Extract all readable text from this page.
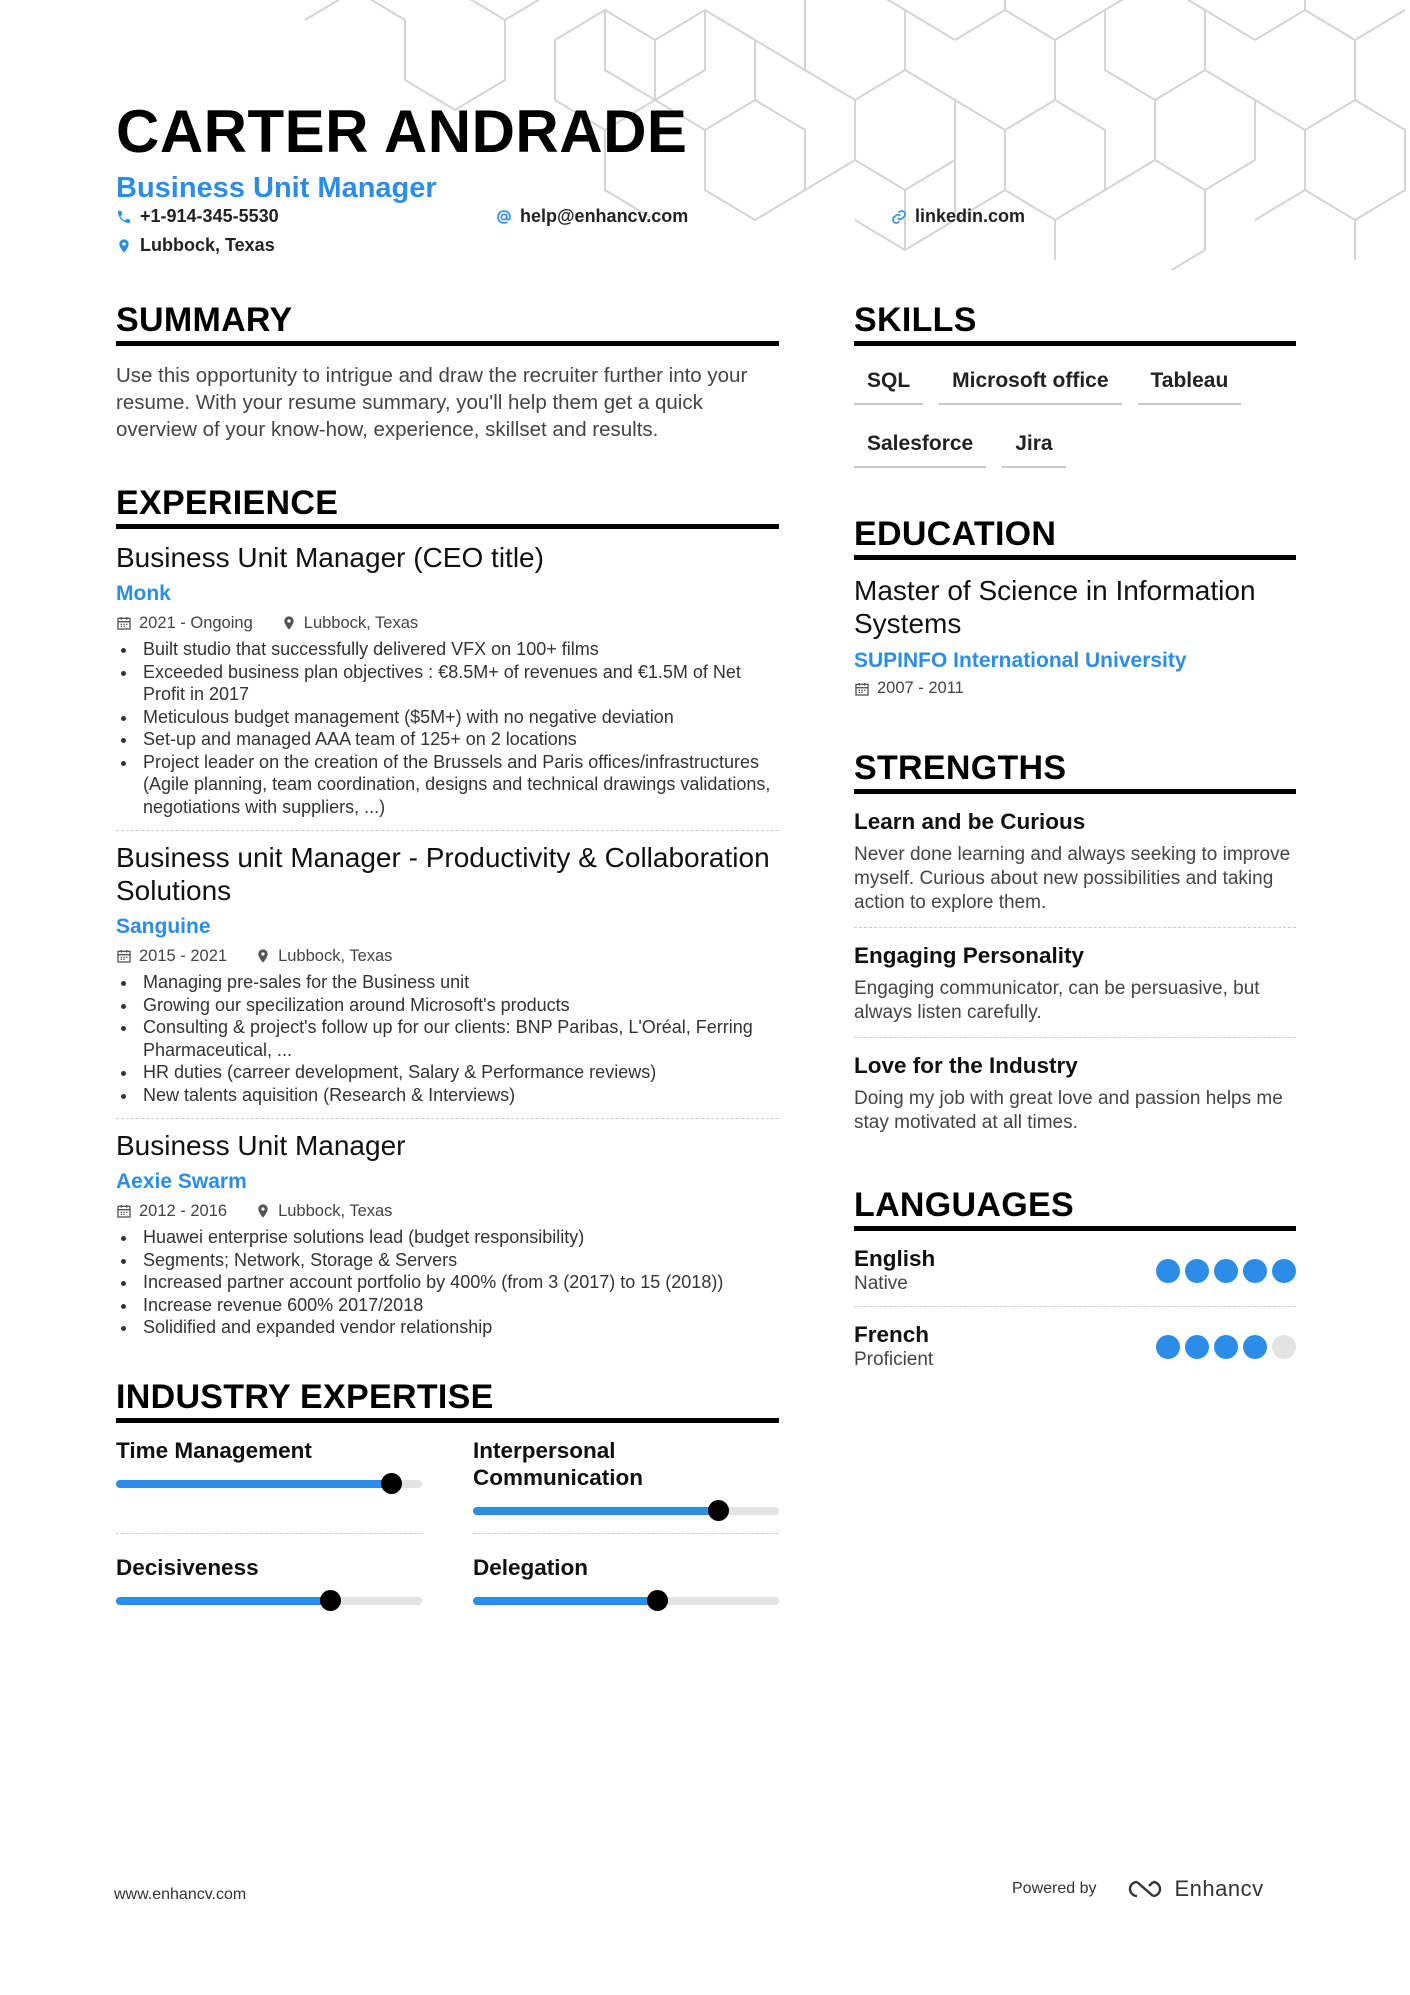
CARTER ANDRADE
Business Unit Manager
+1-914-345-5530	help@enhancv.com	linkedin.com
Lubbock, Texas
SUMMARY
Use this opportunity to intrigue and draw the recruiter further into your resume. With your resume summary, you'll help them get a quick overview of your know-how, experience, skillset and results.
EXPERIENCE
Business Unit Manager (CEO title)
Monk
2021 - Ongoing	Lubbock, Texas
Built studio that successfully delivered VFX on 100+ films
Exceeded business plan objectives : €8.5M+ of revenues and €1.5M of Net Profit in 2017
Meticulous budget management ($5M+) with no negative deviation
Set-up and managed AAA team of 125+ on 2 locations
Project leader on the creation of the Brussels and Paris offices/infrastructures (Agile planning, team coordination, designs and technical drawings validations, negotiations with suppliers, ...)
Business unit Manager - Productivity & Collaboration Solutions
Sanguine
2015 - 2021	Lubbock, Texas
Managing pre-sales for the Business unit
Growing our specilization around Microsoft's products
Consulting & project's follow up for our clients: BNP Paribas, L'Oréal, Ferring Pharmaceutical, ...
HR duties (carreer development, Salary & Performance reviews)
New talents aquisition (Research & Interviews)
Business Unit Manager
Aexie Swarm
2012 - 2016	Lubbock, Texas
Huawei enterprise solutions lead (budget responsibility)
Segments; Network, Storage & Servers
Increased partner account portfolio by 400% (from 3 (2017) to 15 (2018))
Increase revenue 600% 2017/2018
Solidified and expanded vendor relationship
INDUSTRY EXPERTISE
Time Management	Interpersonal Communication
Decisiveness	Delegation
SKILLS
SQL	Microsoft office	Tableau
Salesforce	Jira
EDUCATION
Master of Science in Information Systems
SUPINFO International University
2007 - 2011
STRENGTHS
Learn and be Curious
Never done learning and always seeking to improve myself. Curious about new possibilities and taking action to explore them.
Engaging Personality
Engaging communicator, can be persuasive, but always listen carefully.
Love for the Industry
Doing my job with great love and passion helps me stay motivated at all times.
LANGUAGES
English
Native
French
Proficient
www.enhancv.com	Powered by	Enhancv
